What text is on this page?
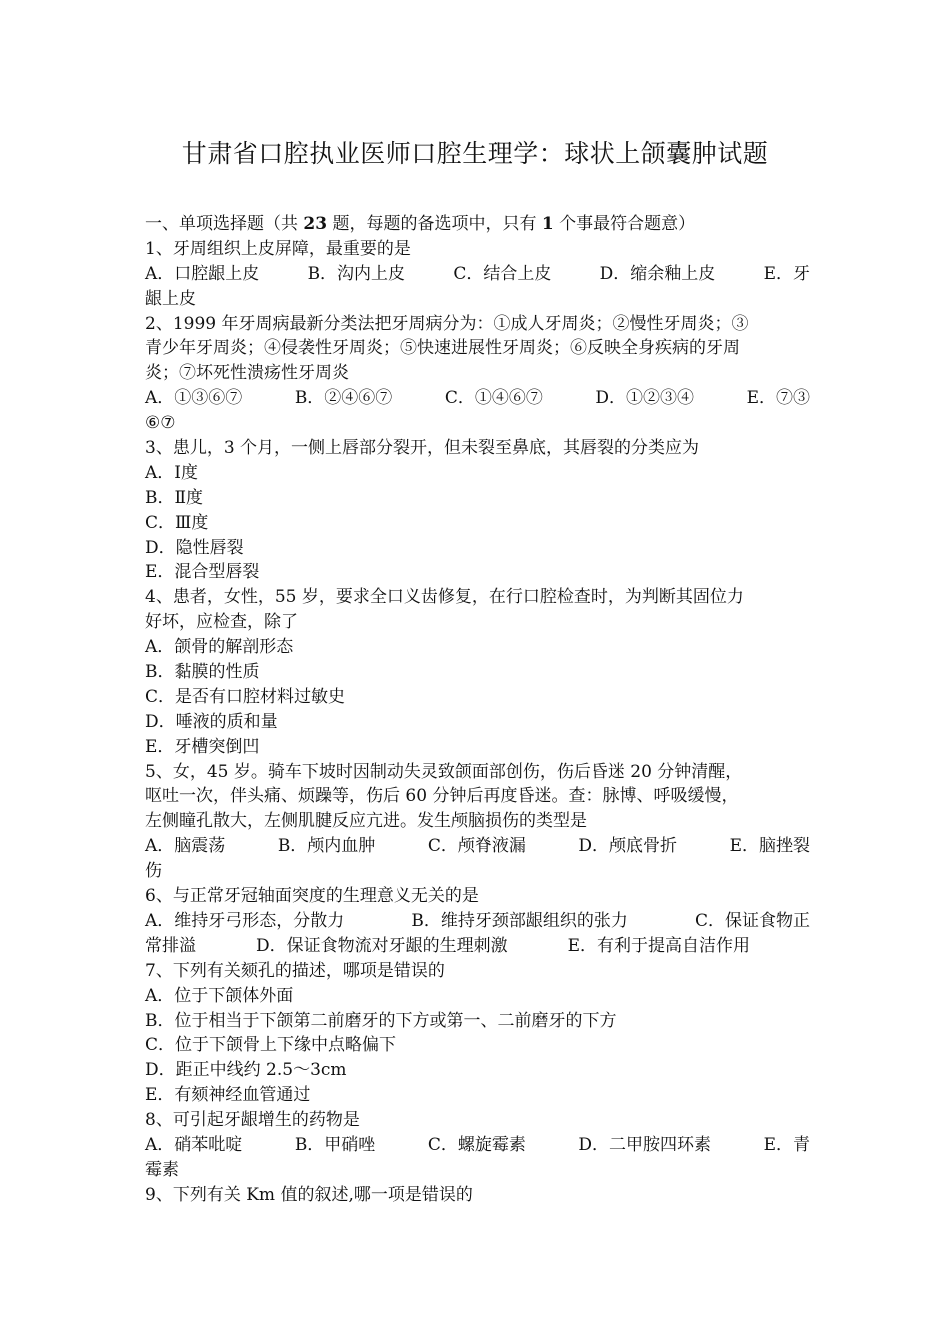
甘肃省口腔执业医师口腔生理学：球状上颌囊肿试题
一、单项选择题（共 23 题，每题的备选项中，只有 1 个事最符合题意）
1、牙周组织上皮屏障，最重要的是
A．口腔龈上皮	B．沟内上皮	C．结合上皮	D．缩余釉上皮	E．牙
龈上皮
2、1999 年牙周病最新分类法把牙周病分为：①成人牙周炎；②慢性牙周炎；③
青少年牙周炎；④侵袭性牙周炎；⑤快速进展性牙周炎；⑥反映全身疾病的牙周
炎；⑦坏死性溃疡性牙周炎
A．①③⑥⑦	B．②④⑥⑦	C．①④⑥⑦	D．①②③④	E．⑦③
⑥⑦
3、患儿，3 个月，一侧上唇部分裂开，但未裂至鼻底，其唇裂的分类应为
A．Ⅰ度
B．Ⅱ度
C．Ⅲ度
D．隐性唇裂
E．混合型唇裂
4、患者，女性，55 岁，要求全口义齿修复，在行口腔检查时，为判断其固位力
好坏，应检查，除了
A．颌骨的解剖形态
B．黏膜的性质
C．是否有口腔材料过敏史
D．唾液的质和量
E．牙槽突倒凹
5、女，45 岁。骑车下坡时因制动失灵致颌面部创伤，伤后昏迷 20 分钟清醒，
呕吐一次，伴头痛、烦躁等，伤后 60 分钟后再度昏迷。查：脉博、呼吸缓慢，
左侧瞳孔散大，左侧肌腱反应亢进。发生颅脑损伤的类型是
A．脑震荡	B．颅内血肿	C．颅脊液漏	D．颅底骨折	E．脑挫裂
伤
6、与正常牙冠轴面突度的生理意义无关的是
A．维持牙弓形态，分散力	B．维持牙颈部龈组织的张力	C．保证食物正
常排溢	D．保证食物流对牙龈的生理刺激	E．有利于提高自洁作用
7、下列有关颏孔的描述，哪项是错误的
A．位于下颌体外面
B．位于相当于下颌第二前磨牙的下方或第一、二前磨牙的下方
C．位于下颌骨上下缘中点略偏下
D．距正中线约 2.5～3cm
E．有颏神经血管通过
8、可引起牙龈增生的药物是
A．硝苯吡啶	B．甲硝唑	C．螺旋霉素	D．二甲胺四环素	E．青
霉素
9、下列有关 Km 值的叙述,哪一项是错误的
